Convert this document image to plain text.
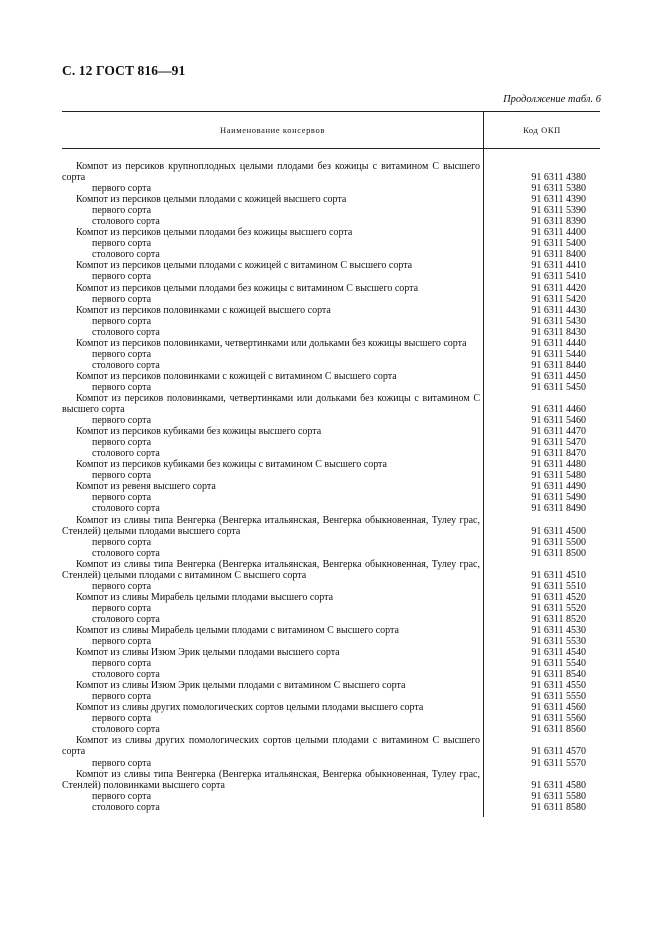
С. 12 ГОСТ 816—91
Продолжение табл. 6
Наименование консервов	Код ОКП
Компот из персиков крупноплодных целыми плодами без кожицы с витамином С высшего сорта	91 6311 4380
первого сорта	91 6311 5380
Компот из персиков целыми плодами с кожицей высшего сорта	91 6311 4390
первого сорта	91 6311 5390
столового сорта	91 6311 8390
Компот из персиков целыми плодами без кожицы высшего сорта	91 6311 4400
первого сорта	91 6311 5400
столового сорта	91 6311 8400
Компот из персиков целыми плодами с кожицей с витамином С высшего сорта	91 6311 4410
первого сорта	91 6311 5410
Компот из персиков целыми плодами без кожицы с витамином С высшего сорта	91 6311 4420
первого сорта	91 6311 5420
Компот из персиков половинками с кожицей высшего сорта	91 6311 4430
первого сорта	91 6311 5430
столового сорта	91 6311 8430
Компот из персиков половинками, четвертинками или дольками без кожицы высшего сорта	91 6311 4440
первого сорта	91 6311 5440
столового сорта	91 6311 8440
Компот из персиков половинками с кожицей с витамином С высшего сорта	91 6311 4450
первого сорта	91 6311 5450
Компот из персиков половинками, четвертинками или дольками без кожицы с витамином С высшего сорта	91 6311 4460
первого сорта	91 6311 5460
Компот из персиков кубиками без кожицы высшего сорта	91 6311 4470
первого сорта	91 6311 5470
столового сорта	91 6311 8470
Компот из персиков кубиками без кожицы с витамином С высшего сорта	91 6311 4480
первого сорта	91 6311 5480
Компот из ревеня высшего сорта	91 6311 4490
первого сорта	91 6311 5490
столового сорта	91 6311 8490
Компот из сливы типа Венгерка (Венгерка итальянская, Венгерка обыкновенная, Тулеу грас, Стенлей) целыми плодами высшего сорта	91 6311 4500
первого сорта	91 6311 5500
столового сорта	91 6311 8500
Компот из сливы типа Венгерка (Венгерка итальянская, Венгерка обыкновенная, Тулеу грас, Стенлей) целыми плодами с витамином С высшего сорта	91 6311 4510
первого сорта	91 6311 5510
Компот из сливы Мирабель целыми плодами высшего сорта	91 6311 4520
первого сорта	91 6311 5520
столового сорта	91 6311 8520
Компот из сливы Мирабель целыми плодами с витамином С высшего сорта	91 6311 4530
первого сорта	91 6311 5530
Компот из сливы Изюм Эрик целыми плодами высшего сорта	91 6311 4540
первого сорта	91 6311 5540
столового сорта	91 6311 8540
Компот из сливы Изюм Эрик целыми плодами с витамином С высшего сорта	91 6311 4550
первого сорта	91 6311 5550
Компот из сливы других помологических сортов целыми плодами высшего сорта	91 6311 4560
первого сорта	91 6311 5560
столового сорта	91 6311 8560
Компот из сливы других помологических сортов целыми плодами с витамином С высшего сорта	91 6311 4570
первого сорта	91 6311 5570
Компот из сливы типа Венгерка (Венгерка итальянская, Венгерка обыкновенная, Тулеу грас, Стенлей) половинками высшего сорта	91 6311 4580
первого сорта	91 6311 5580
столового сорта	91 6311 8580
